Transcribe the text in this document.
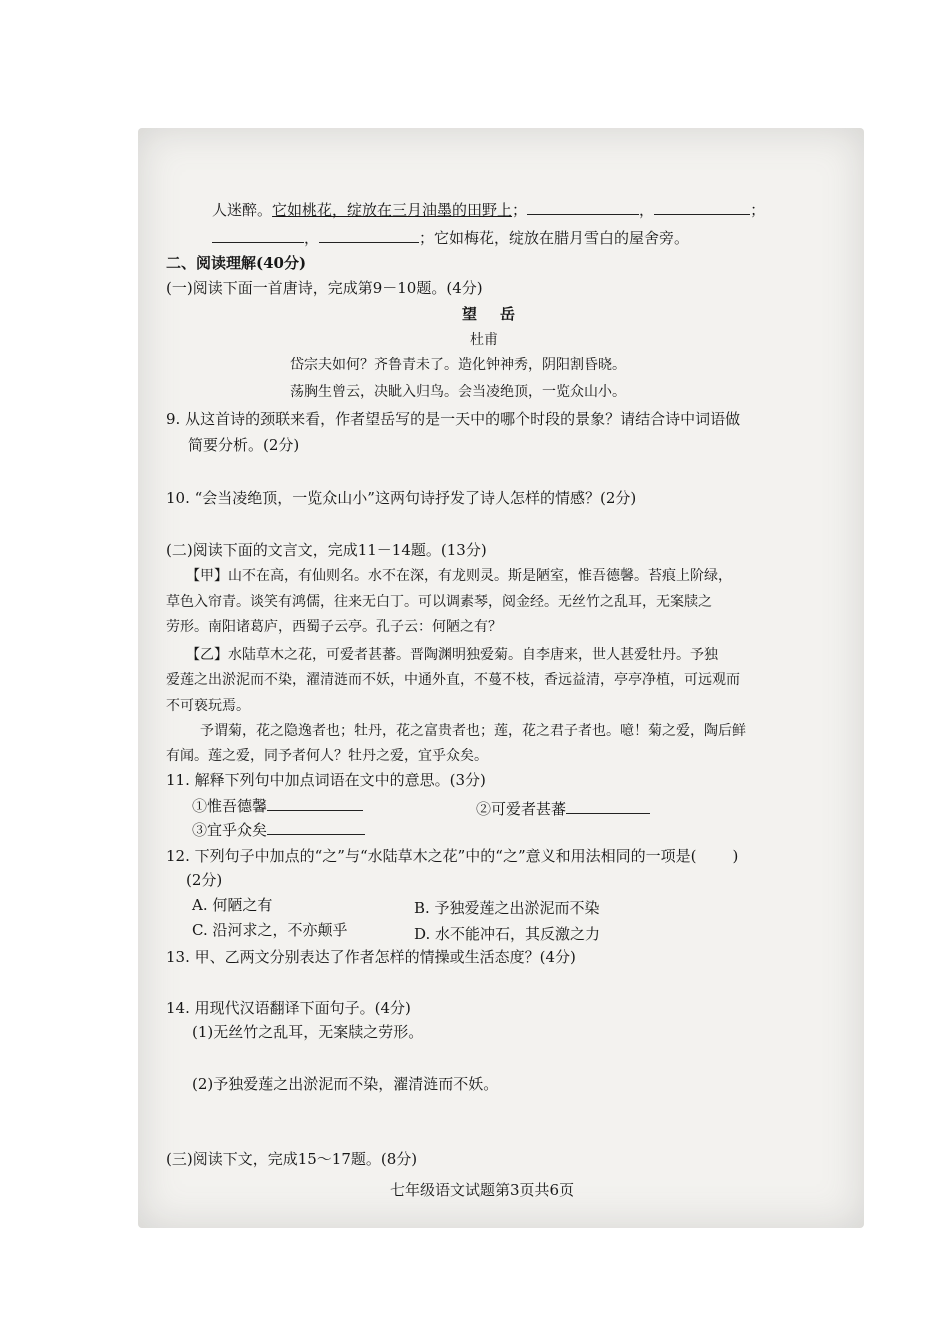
人迷醉。它如桃花，绽放在三月油墨的田野上；	，	；
，	；它如梅花，绽放在腊月雪白的屋舍旁。
二、阅读理解(40分)
(一)阅读下面一首唐诗，完成第9－10题。(4分)
望　岳
杜甫
岱宗夫如何？齐鲁青未了。造化钟神秀，阴阳割昏晓。
荡胸生曾云，决眦入归鸟。会当凌绝顶，一览众山小。
9. 从这首诗的颈联来看，作者望岳写的是一天中的哪个时段的景象？请结合诗中词语做
简要分析。(2分)
10. “会当凌绝顶，一览众山小”这两句诗抒发了诗人怎样的情感？(2分)
(二)阅读下面的文言文，完成11－14题。(13分)
【甲】山不在高，有仙则名。水不在深，有龙则灵。斯是陋室，惟吾德馨。苔痕上阶绿，
草色入帘青。谈笑有鸿儒，往来无白丁。可以调素琴，阅金经。无丝竹之乱耳，无案牍之
劳形。南阳诸葛庐，西蜀子云亭。孔子云：何陋之有？
【乙】水陆草木之花，可爱者甚蕃。晋陶渊明独爱菊。自李唐来，世人甚爱牡丹。予独
爱莲之出淤泥而不染，濯清涟而不妖，中通外直，不蔓不枝，香远益清，亭亭净植，可远观而
不可亵玩焉。
予谓菊，花之隐逸者也；牡丹，花之富贵者也；莲，花之君子者也。噫！菊之爱，陶后鲜
有闻。莲之爱，同予者何人？牡丹之爱，宜乎众矣。
11. 解释下列句中加点词语在文中的意思。(3分)
①惟吾德馨	②可爱者甚蕃
③宜乎众矣
12. 下列句子中加点的“之”与“水陆草木之花”中的“之”意义和用法相同的一项是( )
(2分)
A. 何陋之有	B. 予独爱莲之出淤泥而不染
C. 沿河求之，不亦颠乎	D. 水不能冲石，其反激之力
13. 甲、乙两文分别表达了作者怎样的情操或生活态度？(4分)
14. 用现代汉语翻译下面句子。(4分)
(1)无丝竹之乱耳，无案牍之劳形。
(2)予独爱莲之出淤泥而不染，濯清涟而不妖。
(三)阅读下文，完成15～17题。(8分)
七年级语文试题第3页共6页
